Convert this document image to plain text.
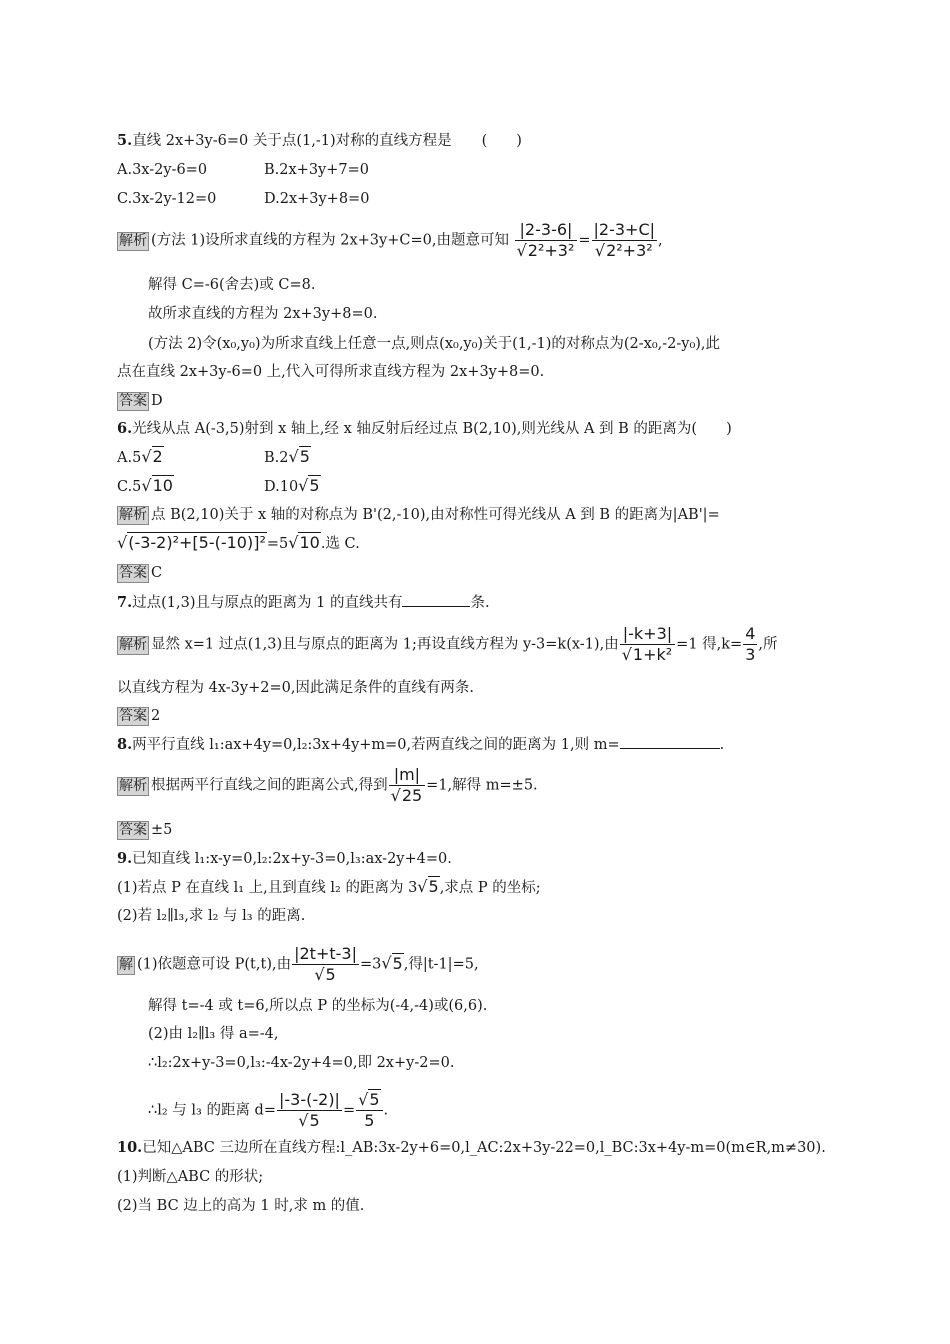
5.直线 2x+3y-6=0 关于点(1,-1)对称的直线方程是 (　　)
A.3x-2y-6=0	B.2x+3y+7=0
C.3x-2y-12=0	D.2x+3y+8=0
解析 (方法 1)设所求直线的方程为 2x+3y+C=0,由题意可知 $\frac{|2-3-6|}{\text{√2²+3²}} = \frac{|2-3+C|}{\text{√2²+3²}}$ ,
解得 C=-6(舍去)或 C=8.
故所求直线的方程为 2x+3y+8=0.
(方法 2)令(x₀,y₀)为所求直线上任意一点,则点(x₀,y₀)关于(1,-1)的对称点为(2-x₀,-2-y₀),此
点在直线 2x+3y-6=0 上,代入可得所求直线方程为 2x+3y+8=0.
答案 D
6.光线从点 A(-3,5)射到 x 轴上,经 x 轴反射后经过点 B(2,10),则光线从 A 到 B 的距离为(　　)
A.5√2	B.2√5
C.5√10	D.10√5
解析 点 B(2,10)关于 x 轴的对称点为 B'(2,-10),由对称性可得光线从 A 到 B 的距离为|AB'|=
√(-3-2)²+[5-(-10)]²=5√10.选 C.
答案 C
7.过点(1,3)且与原点的距离为 1 的直线共有	条.
解析 显然 x=1 过点(1,3)且与原点的距离为 1;再设直线方程为 y-3=k(x-1),由 $\frac{|-k+3|}{\text{√1+k²}} =1$ 得$,k= \frac{4}{3}$ ,所
以直线方程为 4x-3y+2=0,因此满足条件的直线有两条.
答案 2
8.两平行直线 l₁:ax+4y=0,l₂:3x+4y+m=0,若两直线之间的距离为 1,则 m=	.
解析 根据两平行直线之间的距离公式,得到 $\frac{|m|}{√25} =1$,解得 m=±5.
答案 ±5
9.已知直线 l₁:x-y=0,l₂:2x+y-3=0,l₃:ax-2y+4=0.
(1)若点 P 在直线 l₁ 上,且到直线 l₂ 的距离为 3√5,求点 P 的坐标;
(2)若 l₂∥l₃,求 l₂ 与 l₃ 的距离.
解 (1)依题意可设 P(t,t),由 $\frac{|2t+t-3|}{√5} =3√5$,得|t-1|=5,
解得 t=-4 或 t=6,所以点 P 的坐标为(-4,-4)或(6,6).
(2)由 l₂∥l₃ 得 a=-4,
∴l₂:2x+y-3=0,l₃:-4x-2y+4=0,即 2x+y-2=0.
∴l₂ 与 l₃ 的距离 $d= \frac{|-3-(-2)|}{√5} = \frac{√5}{5}$ .
10.已知△ABC 三边所在直线方程:l_AB:3x-2y+6=0,l_AC:2x+3y-22=0,l_BC:3x+4y-m=0(m∈R,m≠30).
(1)判断△ABC 的形状;
(2)当 BC 边上的高为 1 时,求 m 的值.
